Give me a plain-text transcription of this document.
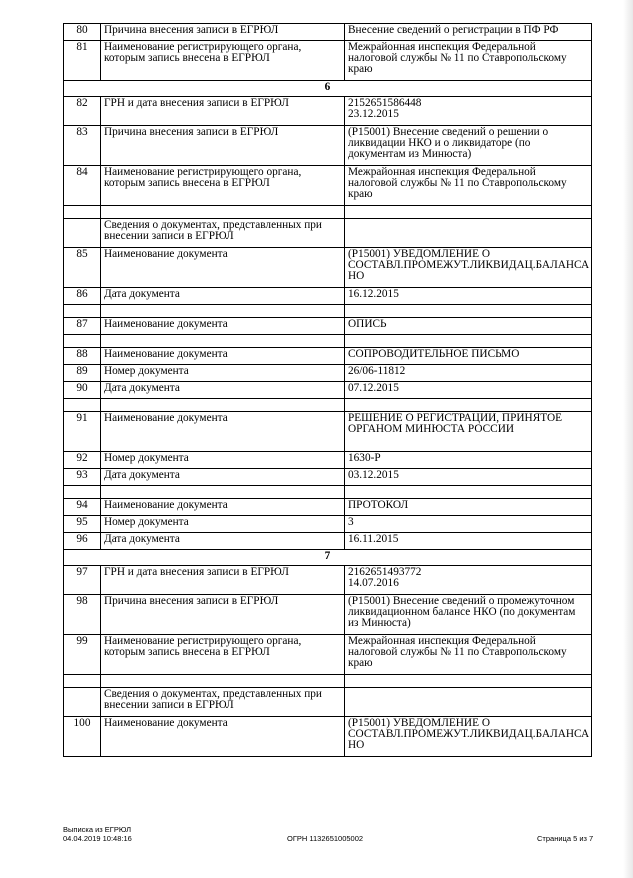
80	Причина внесения записи в ЕГРЮЛ	Внесение сведений о регистрации в ПФ РФ
81	Наименование регистрирующего органа, которым запись внесена в ЕГРЮЛ	Межрайонная инспекция Федеральной налоговой службы № 11 по Ставропольскому краю
6		
82	ГРН и дата внесения записи в ЕГРЮЛ	2152651586448
23.12.2015
83	Причина внесения записи в ЕГРЮЛ	(Р15001) Внесение сведений о решении о ликвидации НКО и о ликвидаторе (по документам из Минюста)
84	Наименование регистрирующего органа, которым запись внесена в ЕГРЮЛ	Межрайонная инспекция Федеральной налоговой службы № 11 по Ставропольскому краю

	Сведения о документах, представленных при внесении записи в ЕГРЮЛ	
85	Наименование документа	(Р15001) УВЕДОМЛЕНИЕ О СОСТАВЛ.ПРОМЕЖУТ.ЛИКВИДАЦ.БАЛАНСА НО
86	Дата документа	16.12.2015

87	Наименование документа	ОПИСЬ

88	Наименование документа	СОПРОВОДИТЕЛЬНОЕ ПИСЬМО
89	Номер документа	26/06-11812
90	Дата документа	07.12.2015

91	Наименование документа	РЕШЕНИЕ О РЕГИСТРАЦИИ, ПРИНЯТОЕ ОРГАНОМ МИНЮСТА РОССИИ
92	Номер документа	1630-Р
93	Дата документа	03.12.2015

94	Наименование документа	ПРОТОКОЛ
95	Номер документа	3
96	Дата документа	16.11.2015
7		
97	ГРН и дата внесения записи в ЕГРЮЛ	2162651493772
14.07.2016
98	Причина внесения записи в ЕГРЮЛ	(Р15001) Внесение сведений о промежуточном ликвидационном балансе НКО (по документам из Минюста)
99	Наименование регистрирующего органа, которым запись внесена в ЕГРЮЛ	Межрайонная инспекция Федеральной налоговой службы № 11 по Ставропольскому краю

	Сведения о документах, представленных при внесении записи в ЕГРЮЛ	
100	Наименование документа	(Р15001) УВЕДОМЛЕНИЕ О СОСТАВЛ.ПРОМЕЖУТ.ЛИКВИДАЦ.БАЛАНСА НО
Выписка из ЕГРЮЛ
04.04.2019 10:48:16	ОГРН 1132651005002	Страница 5 из 7
